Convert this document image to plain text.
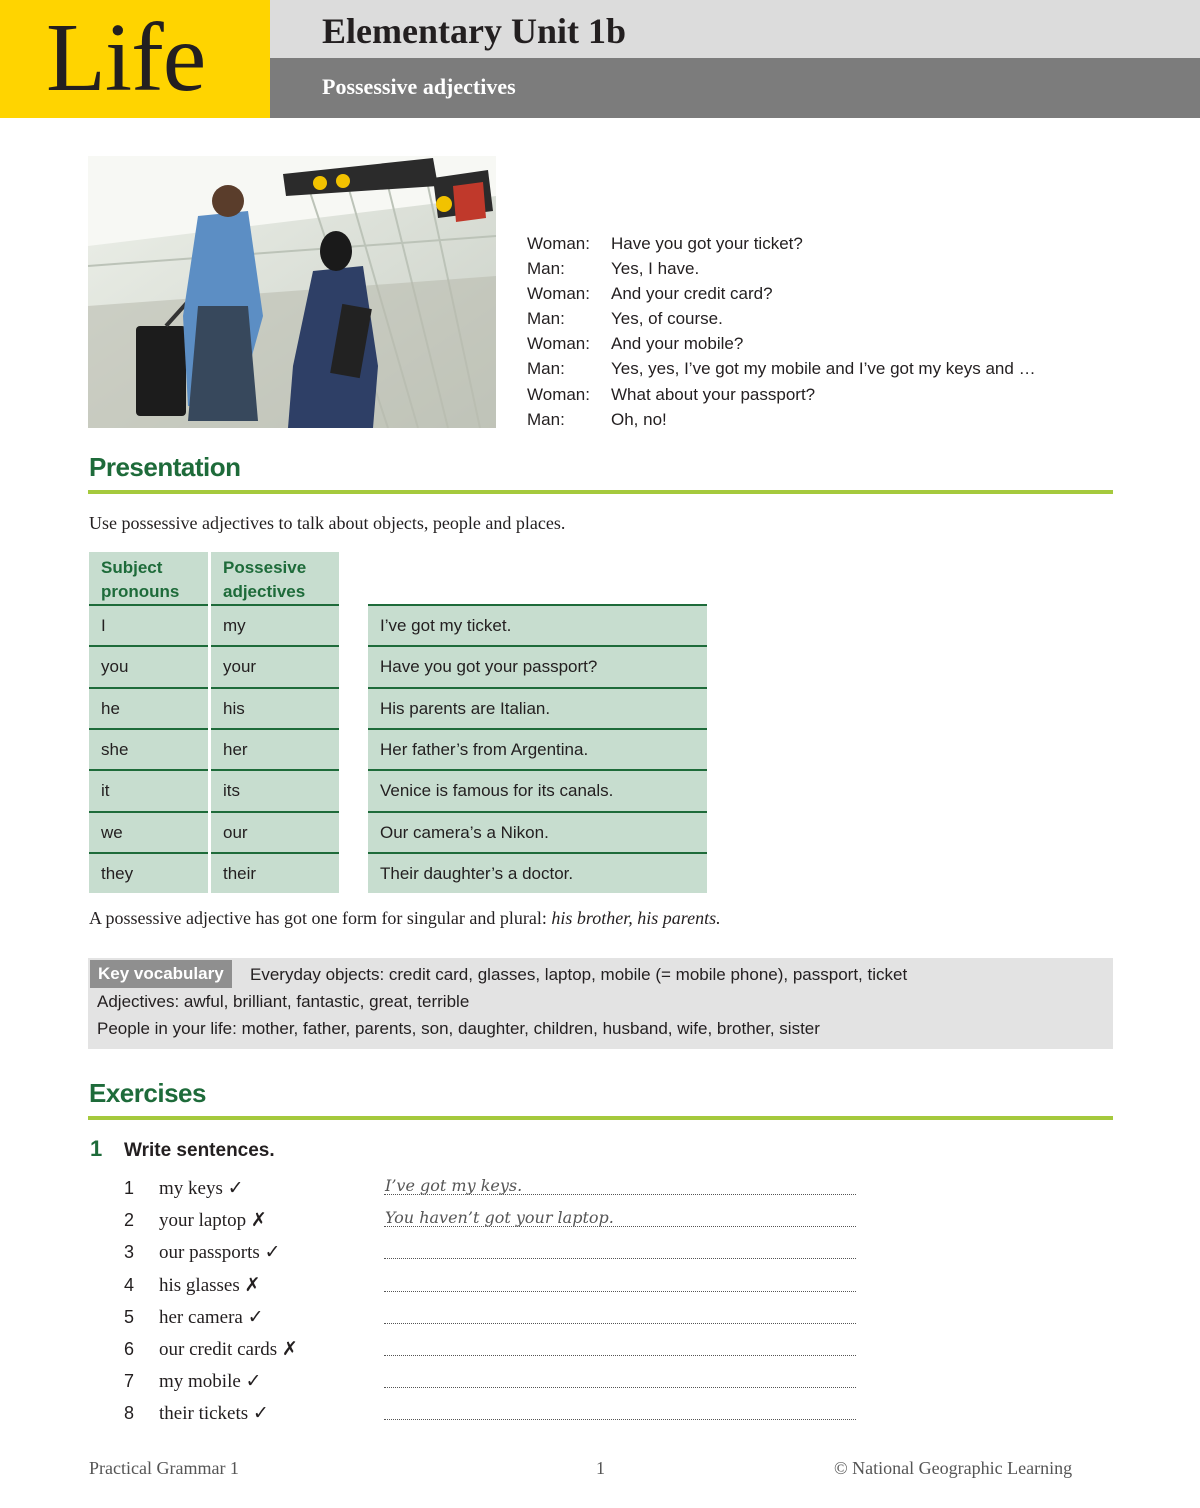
Life	Elementary Unit 1b
Possessive adjectives
Woman: Have you got your ticket?
Man:	Yes, I have.
Woman: And your credit card?
Man:	Yes, of course.
Woman: And your mobile?
Man:	Yes, yes, I’ve got my mobile and I’ve got my keys and …
Woman: What about your passport?
Man:	Oh, no!
Presentation
Use possessive adjectives to talk about objects, people and places.
Subject pronouns
Possesive adjectives
I	my	I’ve got my ticket.
you	your	Have you got your passport?
he	his	His parents are Italian.
she	her	Her father’s from Argentina.
it	its	Venice is famous for its canals.
we	our	Our camera’s a Nikon.
they	their	Their daughter’s a doctor.
A possessive adjective has got one form for singular and plural: his brother, his parents.
Key vocabulary	Everyday objects: credit card, glasses, laptop, mobile (= mobile phone), passport, ticket
Adjectives: awful, brilliant, fantastic, great, terrible
People in your life: mother, father, parents, son, daughter, children, husband, wife, brother, sister
Exercises
1 Write sentences.
1 my keys ✓	I’ve got my keys.
2 your laptop ✗	You haven’t got your laptop.
3 our passports ✓
4 his glasses ✗
5 her camera ✓
6 our credit cards ✗
7 my mobile ✓
8 their tickets ✓
Practical Grammar 1	1	© National Geographic Learning
